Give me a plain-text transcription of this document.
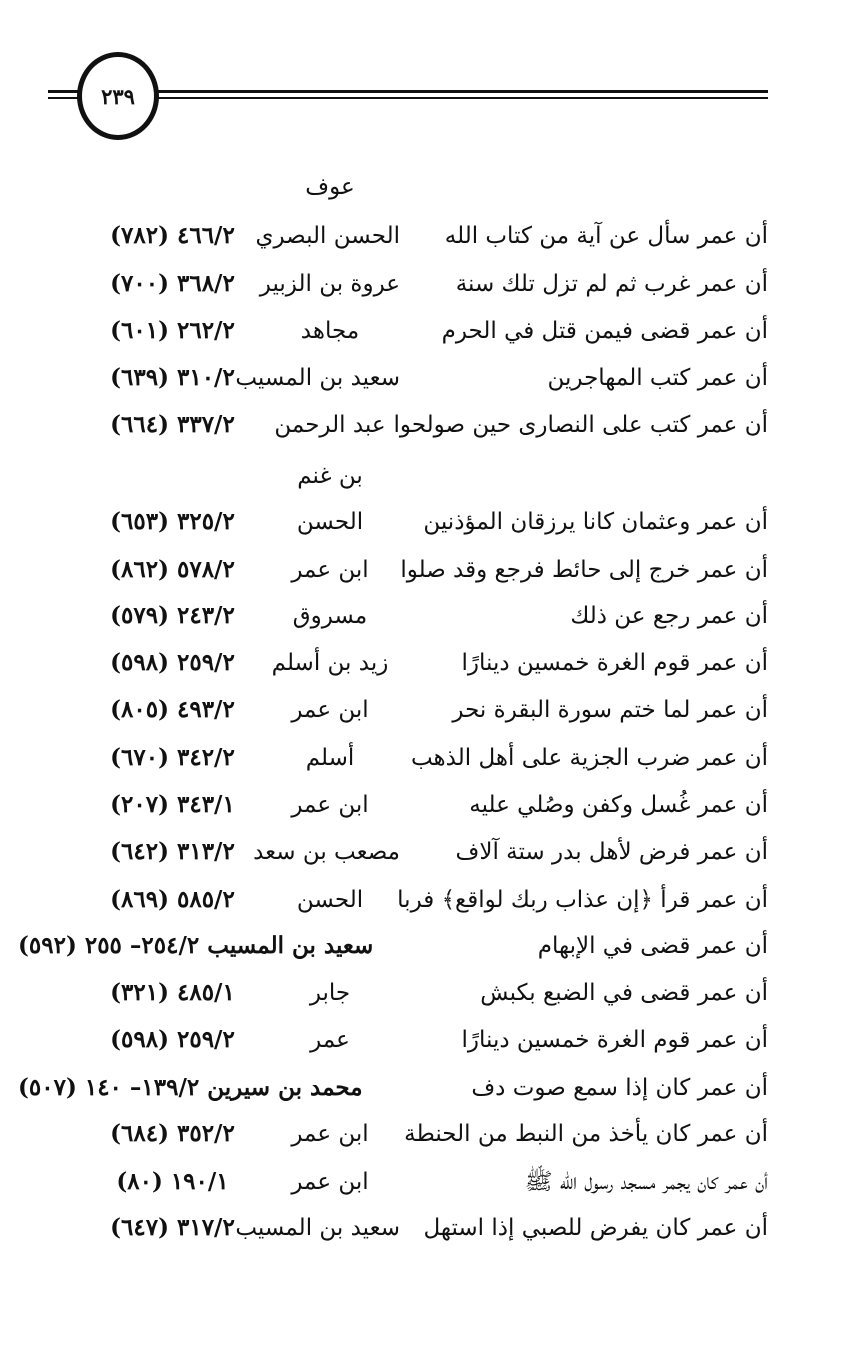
٢٣٩
عوف
أن عمر سأل عن آية من كتاب الله
الحسن البصري
٤٦٦/٢ (٧٨٢)
أن عمر غرب ثم لم تزل تلك سنة
عروة بن الزبير
٣٦٨/٢ (٧٠٠)
أن عمر قضى فيمن قتل في الحرم
مجاهد
٢٦٢/٢ (٦٠١)
أن عمر كتب المهاجرين
سعيد بن المسيب
٣١٠/٢ (٦٣٩)
أن عمر كتب على النصارى حين صولحوا
عبد الرحمن
٣٣٧/٢ (٦٦٤)
بن غنم
أن عمر وعثمان كانا يرزقان المؤذنين
الحسن
٣٢٥/٢ (٦٥٣)
أن عمر خرج إلى حائط فرجع وقد صلوا
ابن عمر
٥٧٨/٢ (٨٦٢)
أن عمر رجع عن ذلك
مسروق
٢٤٣/٢ (٥٧٩)
أن عمر قوم الغرة خمسين دينارًا
زيد بن أسلم
٢٥٩/٢ (٥٩٨)
أن عمر لما ختم سورة البقرة نحر
ابن عمر
٤٩٣/٢ (٨٠٥)
أن عمر ضرب الجزية على أهل الذهب
أسلم
٣٤٢/٢ (٦٧٠)
أن عمر غُسل وكفن وصُلي عليه
ابن عمر
٣٤٣/١ (٢٠٧)
أن عمر فرض لأهل بدر ستة آلاف
مصعب بن سعد
٣١٣/٢ (٦٤٢)
أن عمر قرأ ﴿إن عذاب ربك لواقع﴾ فربا
الحسن
٥٨٥/٢ (٨٦٩)
أن عمر قضى في الإبهام
سعيد بن المسيب ٢٥٤/٢– ٢٥٥ (٥٩٢)
أن عمر قضى في الضبع بكبش
جابر
٤٨٥/١ (٣٢١)
أن عمر قوم الغرة خمسين دينارًا
عمر
٢٥٩/٢ (٥٩٨)
أن عمر كان إذا سمع صوت دف
محمد بن سيرين ١٣٩/٢– ١٤٠ (٥٠٧)
أن عمر كان يأخذ من النبط من الحنطة
ابن عمر
٣٥٢/٢ (٦٨٤)
أن عمر كان يجمر مسجد رسول الله ﷺ
ابن عمر
١٩٠/١ (٨٠)
أن عمر كان يفرض للصبي إذا استهل
سعيد بن المسيب
٣١٧/٢ (٦٤٧)
